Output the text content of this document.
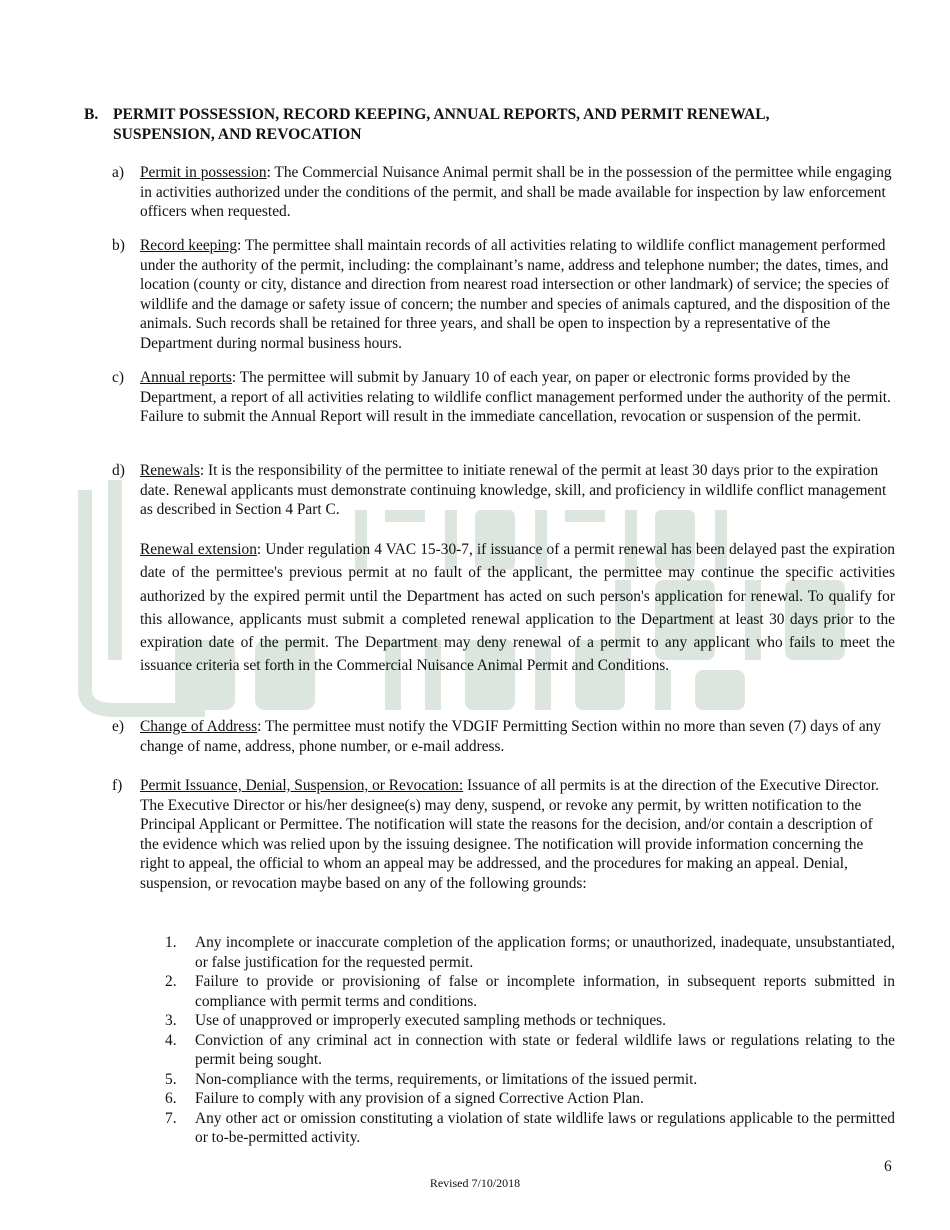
B. PERMIT POSSESSION, RECORD KEEPING, ANNUAL REPORTS, AND PERMIT RENEWAL, SUSPENSION, AND REVOCATION
a) Permit in possession: The Commercial Nuisance Animal permit shall be in the possession of the permittee while engaging in activities authorized under the conditions of the permit, and shall be made available for inspection by law enforcement officers when requested.
b) Record keeping: The permittee shall maintain records of all activities relating to wildlife conflict management performed under the authority of the permit, including: the complainant’s name, address and telephone number; the dates, times, and location (county or city, distance and direction from nearest road intersection or other landmark) of service; the species of wildlife and the damage or safety issue of concern; the number and species of animals captured, and the disposition of the animals. Such records shall be retained for three years, and shall be open to inspection by a representative of the Department during normal business hours.
c) Annual reports: The permittee will submit by January 10 of each year, on paper or electronic forms provided by the Department, a report of all activities relating to wildlife conflict management performed under the authority of the permit. Failure to submit the Annual Report will result in the immediate cancellation, revocation or suspension of the permit.
d) Renewals: It is the responsibility of the permittee to initiate renewal of the permit at least 30 days prior to the expiration date. Renewal applicants must demonstrate continuing knowledge, skill, and proficiency in wildlife conflict management as described in Section 4 Part C.
Renewal extension: Under regulation 4 VAC 15-30-7, if issuance of a permit renewal has been delayed past the expiration date of the permittee's previous permit at no fault of the applicant, the permittee may continue the specific activities authorized by the expired permit until the Department has acted on such person's application for renewal. To qualify for this allowance, applicants must submit a completed renewal application to the Department at least 30 days prior to the expiration date of the permit. The Department may deny renewal of a permit to any applicant who fails to meet the issuance criteria set forth in the Commercial Nuisance Animal Permit and Conditions.
e) Change of Address: The permittee must notify the VDGIF Permitting Section within no more than seven (7) days of any change of name, address, phone number, or e-mail address.
f) Permit Issuance, Denial, Suspension, or Revocation: Issuance of all permits is at the direction of the Executive Director. The Executive Director or his/her designee(s) may deny, suspend, or revoke any permit, by written notification to the Principal Applicant or Permittee. The notification will state the reasons for the decision, and/or contain a description of the evidence which was relied upon by the issuing designee. The notification will provide information concerning the right to appeal, the official to whom an appeal may be addressed, and the procedures for making an appeal. Denial, suspension, or revocation maybe based on any of the following grounds:
1. Any incomplete or inaccurate completion of the application forms; or unauthorized, inadequate, unsubstantiated, or false justification for the requested permit.
2. Failure to provide or provisioning of false or incomplete information, in subsequent reports submitted in compliance with permit terms and conditions.
3. Use of unapproved or improperly executed sampling methods or techniques.
4. Conviction of any criminal act in connection with state or federal wildlife laws or regulations relating to the permit being sought.
5. Non-compliance with the terms, requirements, or limitations of the issued permit.
6. Failure to comply with any provision of a signed Corrective Action Plan.
7. Any other act or omission constituting a violation of state wildlife laws or regulations applicable to the permitted or to-be-permitted activity.
6
Revised 7/10/2018
